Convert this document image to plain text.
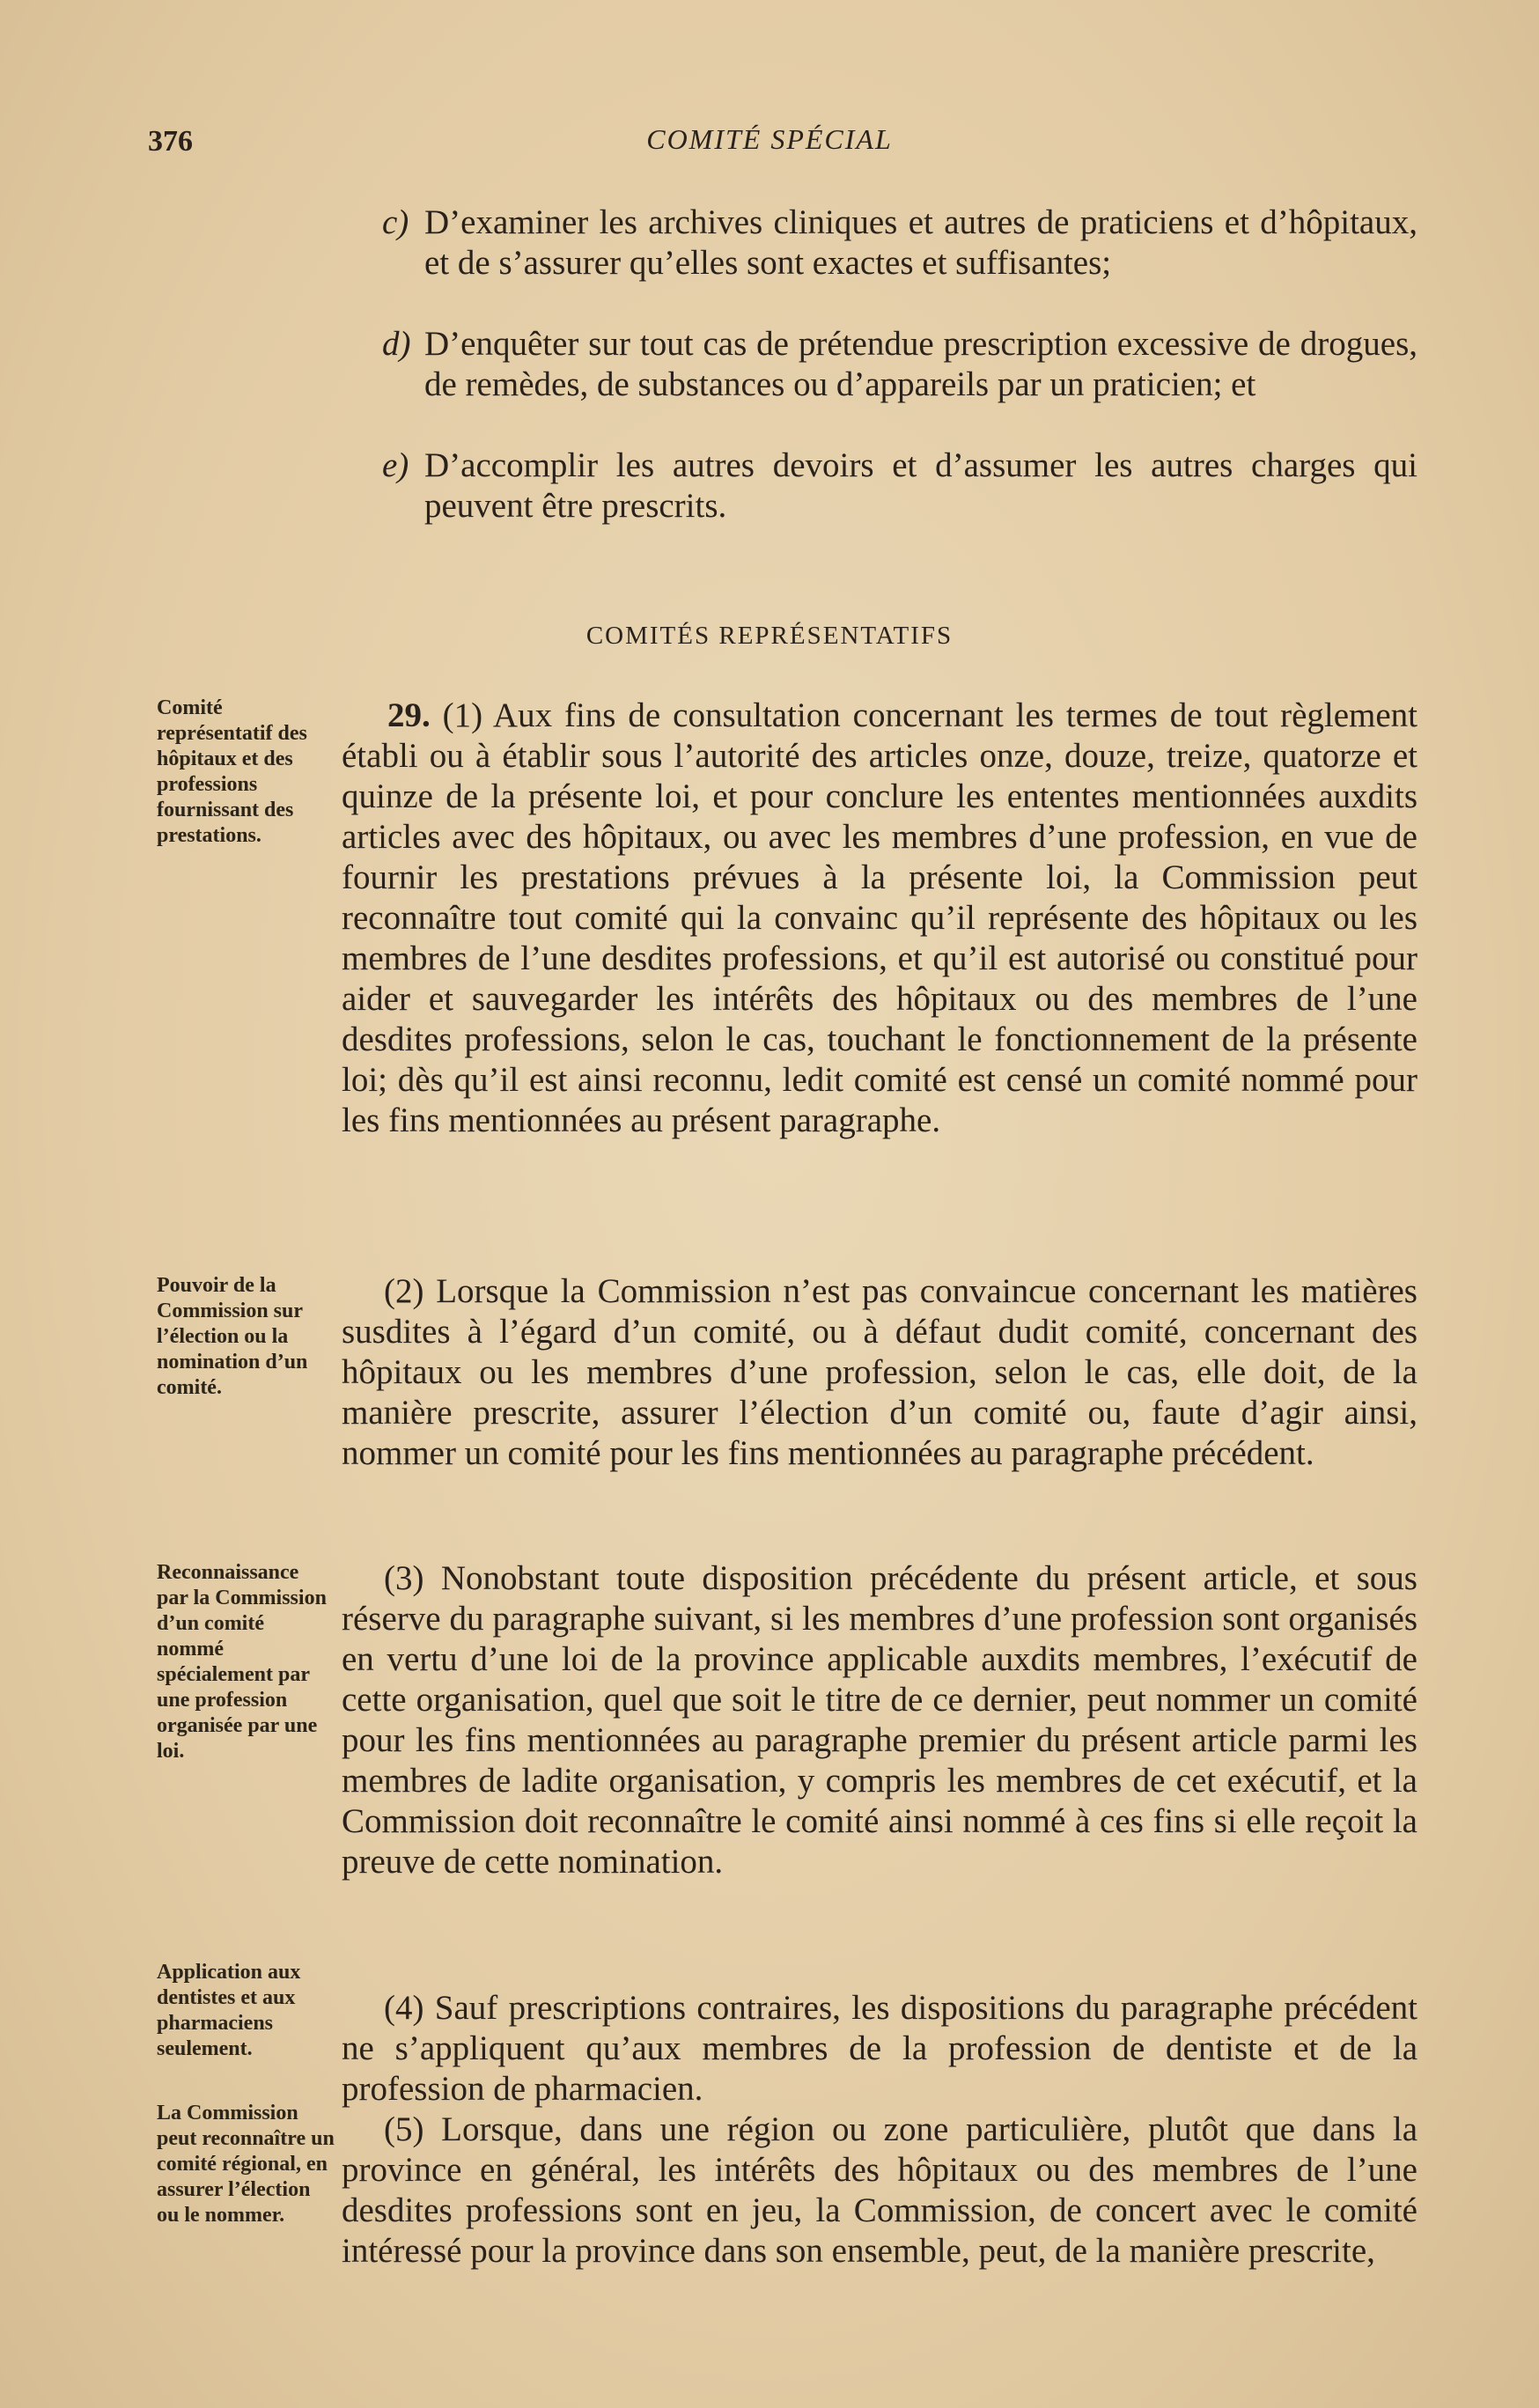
376	COMITÉ SPÉCIAL
c) D’examiner les archives cliniques et autres de praticiens et d’hôpitaux, et de s’assurer qu’elles sont exactes et suffisantes;
d) D’enquêter sur tout cas de prétendue prescription excessive de drogues, de remèdes, de substances ou d’appareils par un praticien; et
e) D’accomplir les autres devoirs et d’assumer les autres charges qui peuvent être prescrits.
COMITÉS REPRÉSENTATIFS
29. (1) Aux fins de consultation concernant les termes de tout règlement établi ou à établir sous l’autorité des articles onze, douze, treize, quatorze et quinze de la présente loi, et pour conclure les ententes mentionnées auxdits articles avec des hôpitaux, ou avec les membres d’une profession, en vue de fournir les prestations prévues à la présente loi, la Commission peut reconnaître tout comité qui la convainc qu’il représente des hôpitaux ou les membres de l’une desdites professions, et qu’il est autorisé ou constitué pour aider et sauvegarder les intérêts des hôpitaux ou des membres de l’une desdites professions, selon le cas, touchant le fonctionnement de la présente loi; dès qu’il est ainsi reconnu, ledit comité est censé un comité nommé pour les fins mentionnées au présent paragraphe.
(2) Lorsque la Commission n’est pas convaincue concernant les matières susdites à l’égard d’un comité, ou à défaut dudit comité, concernant des hôpitaux ou les membres d’une profession, selon le cas, elle doit, de la manière prescrite, assurer l’élection d’un comité ou, faute d’agir ainsi, nommer un comité pour les fins mentionnées au paragraphe précédent.
(3) Nonobstant toute disposition précédente du présent article, et sous réserve du paragraphe suivant, si les membres d’une profession sont organisés en vertu d’une loi de la province applicable auxdits membres, l’exécutif de cette organisation, quel que soit le titre de ce dernier, peut nommer un comité pour les fins mentionnées au paragraphe premier du présent article parmi les membres de ladite organisation, y compris les membres de cet exécutif, et la Commission doit reconnaître le comité ainsi nommé à ces fins si elle reçoit la preuve de cette nomination.
(4) Sauf prescriptions contraires, les dispositions du paragraphe précédent ne s’appliquent qu’aux membres de la profession de dentiste et de la profession de pharmacien.
(5) Lorsque, dans une région ou zone particulière, plutôt que dans la province en général, les intérêts des hôpitaux ou des membres de l’une desdites professions sont en jeu, la Commission, de concert avec le comité intéressé pour la province dans son ensemble, peut, de la manière prescrite,
Comité représentatif des hôpitaux et des professions fournissant des prestations.
Pouvoir de la Commission sur l’élection ou la nomination d’un comité.
Reconnaissance par la Commission d’un comité nommé spécialement par une profession organisée par une loi.
Application aux dentistes et aux pharmaciens seulement.
La Commission peut reconnaître un comité régional, en assurer l’élection ou le nommer.
